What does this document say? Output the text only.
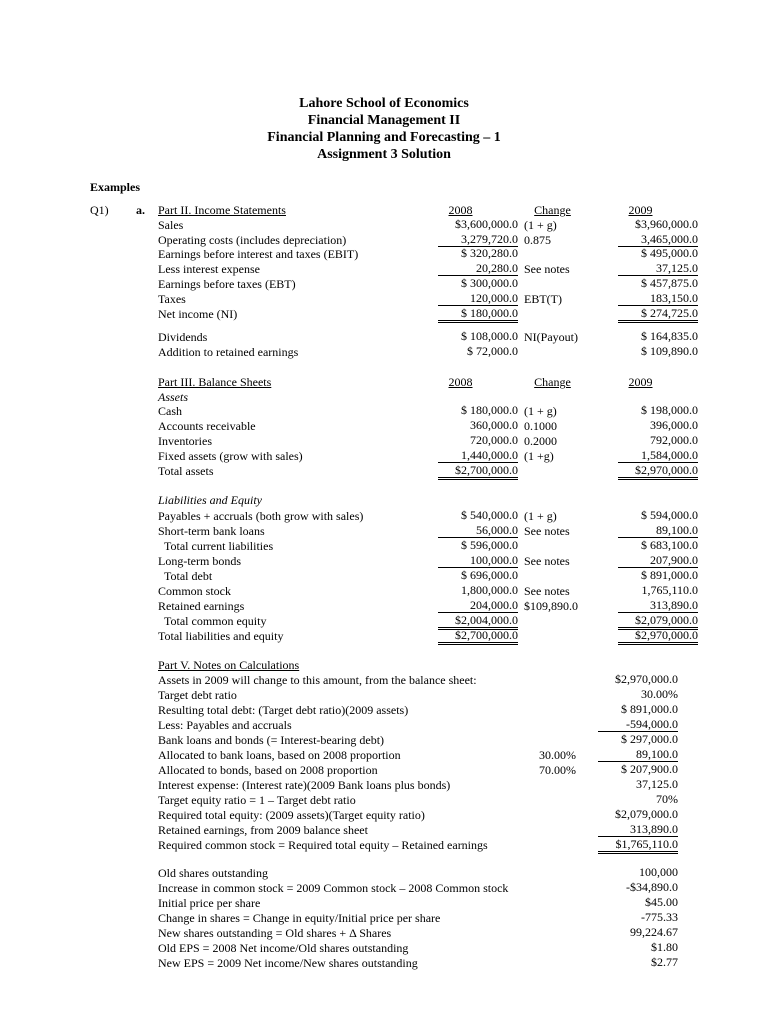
Lahore School of Economics
Financial Management II
Financial Planning and Forecasting – 1
Assignment 3 Solution
Examples
Q1) a. Part II. Income Statements	2008	Change	2009
Sales	$3,600,000.0 (1 + g)	$3,960,000.0
Operating costs (includes depreciation)	3,279,720.0 0.875	3,465,000.0
Earnings before interest and taxes (EBIT)	$ 320,280.0	$ 495,000.0
Less interest expense	20,280.0 See notes	37,125.0
Earnings before taxes (EBT)	$ 300,000.0	$ 457,875.0
Taxes	120,000.0 EBT(T)	183,150.0
Net income (NI)	$ 180,000.0	$ 274,725.0
Dividends	$ 108,000.0 NI(Payout)	$ 164,835.0
Addition to retained earnings	$ 72,000.0	$ 109,890.0
Part III. Balance Sheets	2008	Change	2009
Assets
Liabilities and Equity
Cash	$ 180,000.0 (1 + g)	$ 198,000.0
Accounts receivable	360,000.0 0.1000	396,000.0
Inventories	720,000.0 0.2000	792,000.0
Fixed assets (grow with sales)	1,440,000.0 (1 +g)	1,584,000.0
Total assets	$2,700,000.0	$2,970,000.0
Payables + accruals (both grow with sales)	$ 540,000.0 (1 + g)	$ 594,000.0
Short-term bank loans	56,000.0 See notes	89,100.0
Total current liabilities	$ 596,000.0	$ 683,100.0
Long-term bonds	100,000.0 See notes	207,900.0
Total debt	$ 696,000.0	$ 891,000.0
Common stock	1,800,000.0 See notes	1,765,110.0
Retained earnings	204,000.0 $109,890.0	313,890.0
Total common equity	$2,004,000.0	$2,079,000.0
Total liabilities and equity	$2,700,000.0	$2,970,000.0
Part V. Notes on Calculations
Assets in 2009 will change to this amount, from the balance sheet:	$2,970,000.0
Target debt ratio	30.00%
Resulting total debt: (Target debt ratio)(2009 assets)	$ 891,000.0
Less: Payables and accruals	-594,000.0
Bank loans and bonds (= Interest-bearing debt)	$ 297,000.0
Allocated to bank loans, based on 2008 proportion	30.00%	89,100.0
Allocated to bonds, based on 2008 proportion	70.00%	$ 207,900.0
Interest expense: (Interest rate)(2009 Bank loans plus bonds)	37,125.0
Target equity ratio = 1 – Target debt ratio	70%
Required total equity: (2009 assets)(Target equity ratio)	$2,079,000.0
Retained earnings, from 2009 balance sheet	313,890.0
Required common stock = Required total equity – Retained earnings	$1,765,110.0
Old shares outstanding	100,000
Increase in common stock = 2009 Common stock – 2008 Common stock	-$34,890.0
Initial price per share	$45.00
Change in shares = Change in equity/Initial price per share	-775.33
New shares outstanding = Old shares + Δ Shares	99,224.67
Old EPS = 2008 Net income/Old shares outstanding	$1.80
New EPS = 2009 Net income/New shares outstanding	$2.77
